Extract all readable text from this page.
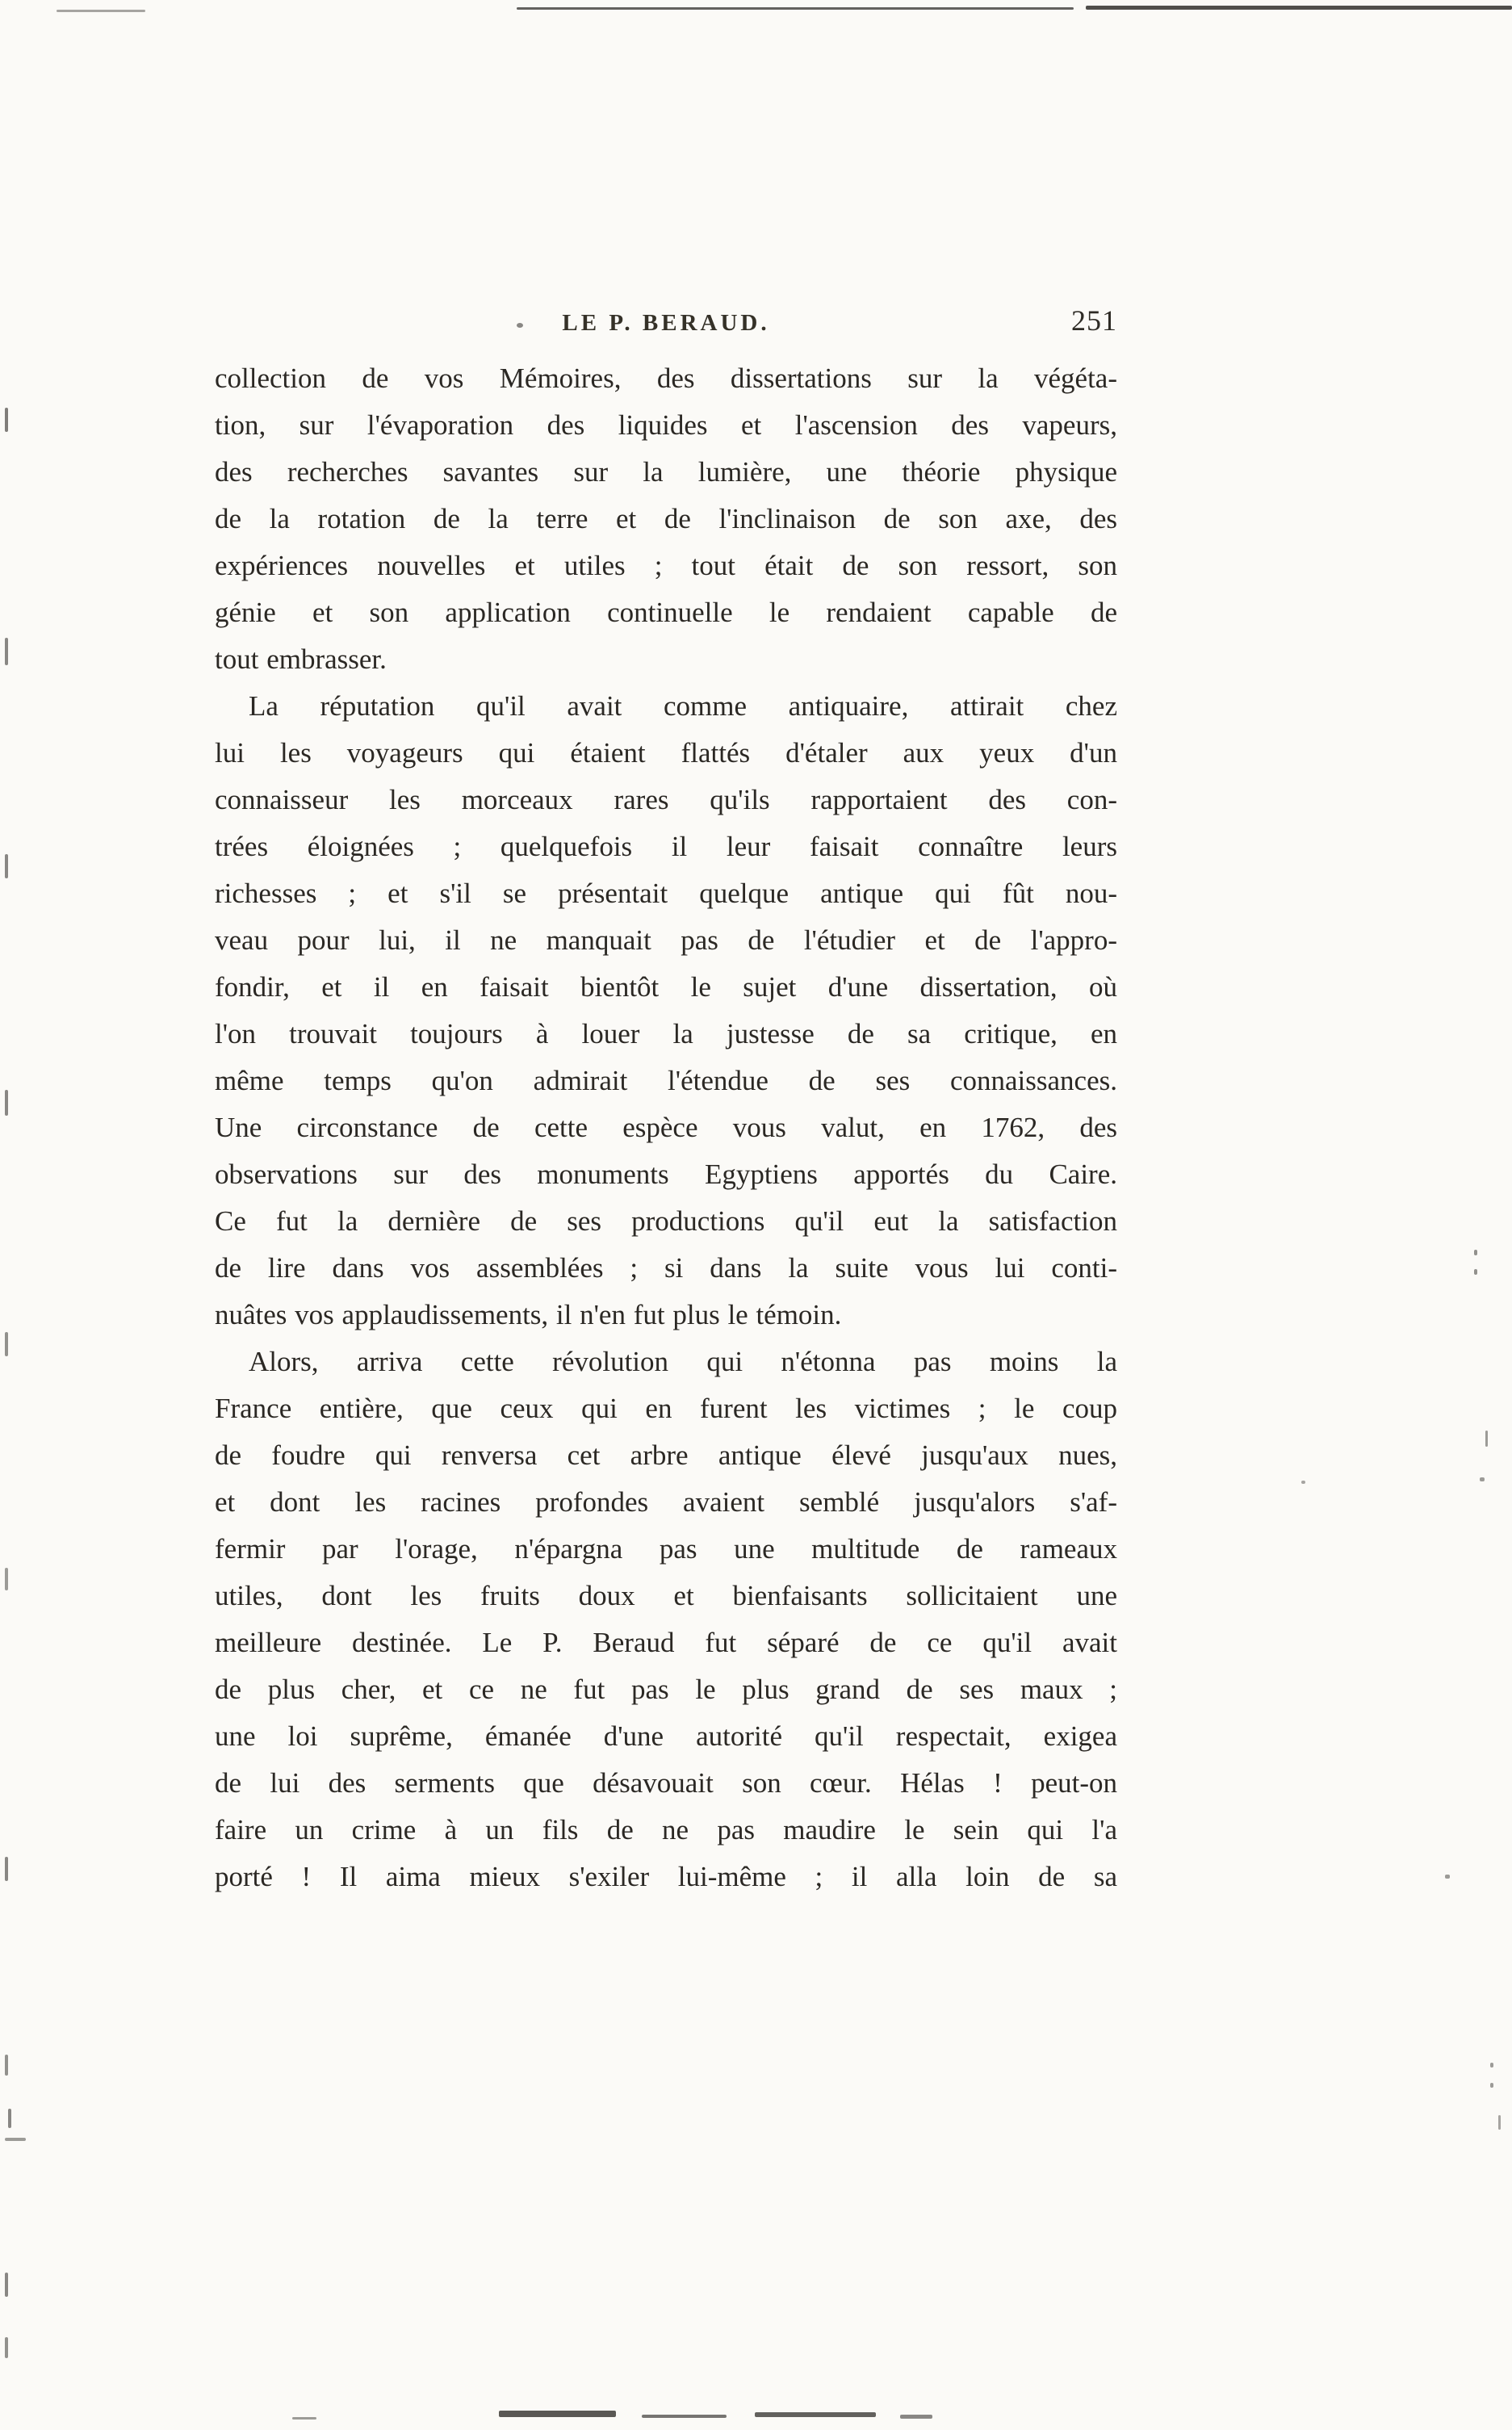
LE P. BERAUD.	251
collection de vos Mémoires, des dissertations sur la végéta-
tion, sur l'évaporation des liquides et l'ascension des vapeurs,
des recherches savantes sur la lumière, une théorie physique
de la rotation de la terre et de l'inclinaison de son axe, des
expériences nouvelles et utiles ; tout était de son ressort, son
génie et son application continuelle le rendaient capable de
tout embrasser.
La réputation qu'il avait comme antiquaire, attirait chez
lui les voyageurs qui étaient flattés d'étaler aux yeux d'un
connaisseur les morceaux rares qu'ils rapportaient des con-
trées éloignées ; quelquefois il leur faisait connaître leurs
richesses ; et s'il se présentait quelque antique qui fût nou-
veau pour lui, il ne manquait pas de l'étudier et de l'appro-
fondir, et il en faisait bientôt le sujet d'une dissertation, où
l'on trouvait toujours à louer la justesse de sa critique, en
même temps qu'on admirait l'étendue de ses connaissances.
Une circonstance de cette espèce vous valut, en 1762, des
observations sur des monuments Egyptiens apportés du Caire.
Ce fut la dernière de ses productions qu'il eut la satisfaction
de lire dans vos assemblées ; si dans la suite vous lui conti-
nuâtes vos applaudissements, il n'en fut plus le témoin.
Alors, arriva cette révolution qui n'étonna pas moins la
France entière, que ceux qui en furent les victimes ; le coup
de foudre qui renversa cet arbre antique élevé jusqu'aux nues,
et dont les racines profondes avaient semblé jusqu'alors s'af-
fermir par l'orage, n'épargna pas une multitude de rameaux
utiles, dont les fruits doux et bienfaisants sollicitaient une
meilleure destinée. Le P. Beraud fut séparé de ce qu'il avait
de plus cher, et ce ne fut pas le plus grand de ses maux ;
une loi suprême, émanée d'une autorité qu'il respectait, exigea
de lui des serments que désavouait son cœur. Hélas ! peut-on
faire un crime à un fils de ne pas maudire le sein qui l'a
porté ! Il aima mieux s'exiler lui-même ; il alla loin de sa
